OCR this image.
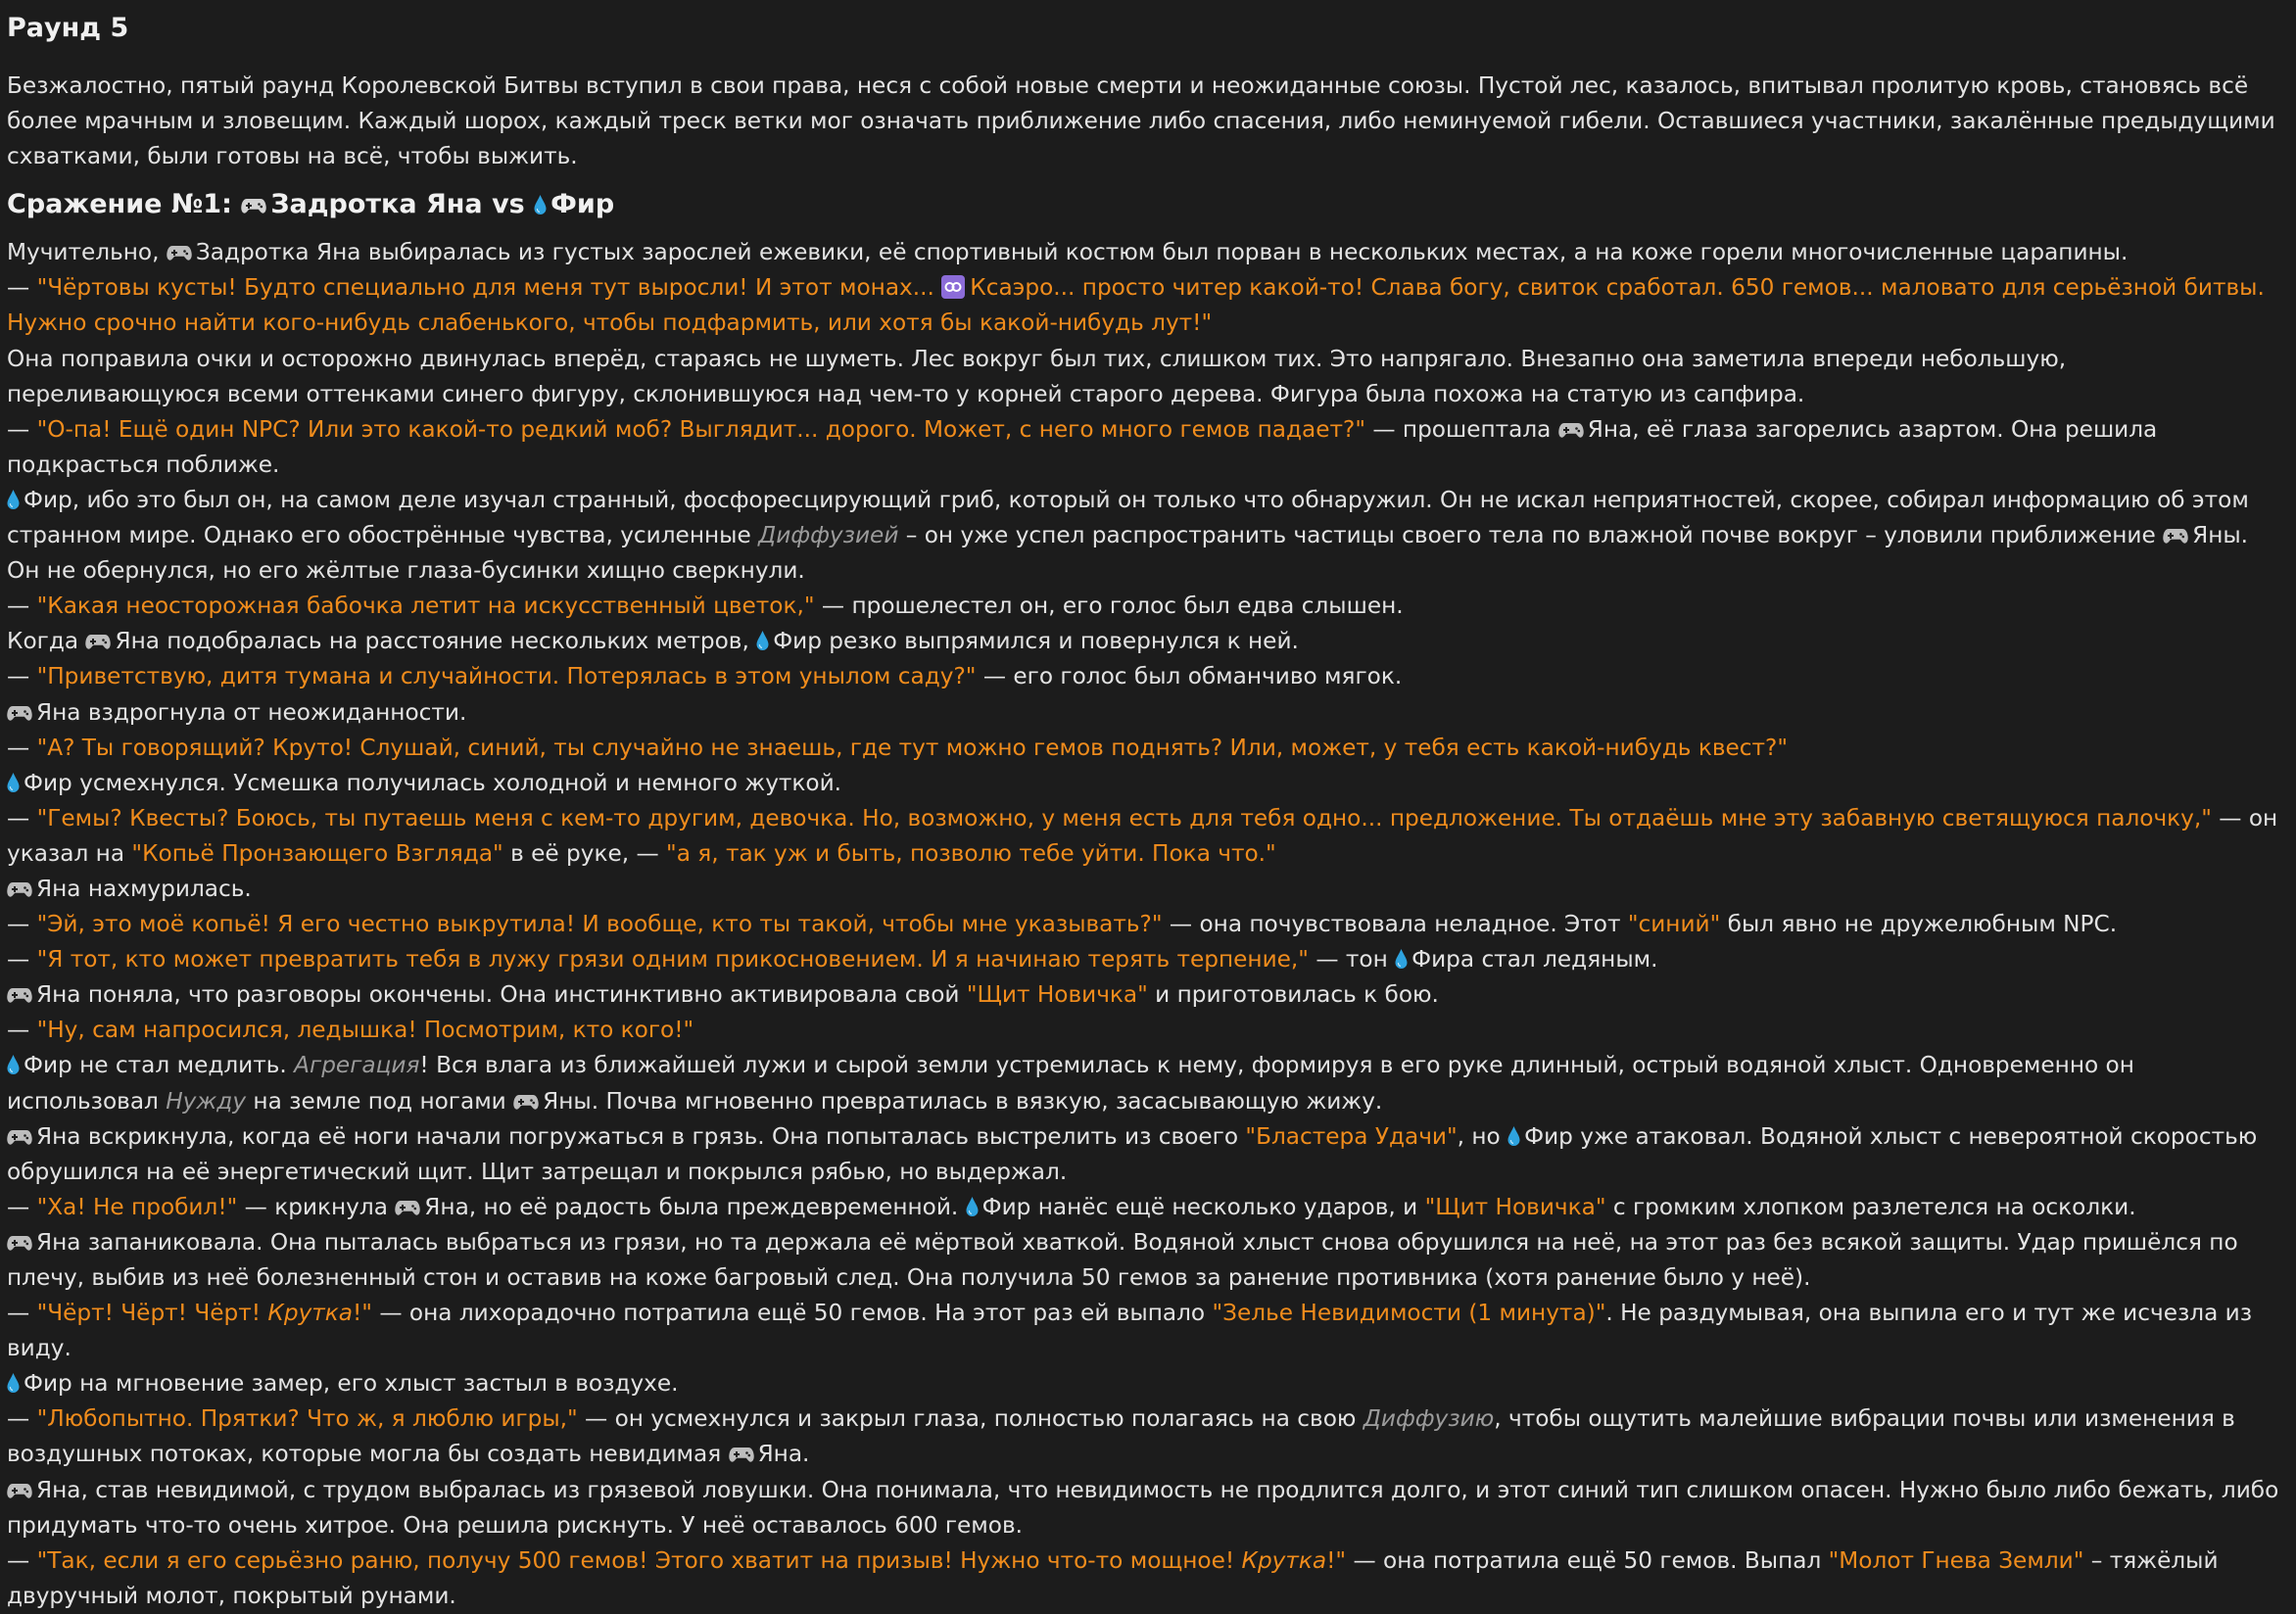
Раунд 5

Безжалостно, пятый раунд Королевской Битвы вступил в свои права, неся с собой новые смерти и неожиданные союзы. Пустой лес, казалось, впитывал пролитую кровь, становясь всё более мрачным и зловещим. Каждый шорох, каждый треск ветки мог означать приближение либо спасения, либо неминуемой гибели. Оставшиеся участники, закалённые предыдущими схватками, были готовы на всё, чтобы выжить.

Сражение №1: Задротка Яна vs Фир

Мучительно, Задротка Яна выбиралась из густых зарослей ежевики, её спортивный костюм был порван в нескольких местах, а на коже горели многочисленные царапины.

— "Чёртовы кусты! Будто специально для меня тут выросли! И этот монах... Ксаэро... просто читер какой-то! Слава богу, свиток сработал. 650 гемов... маловато для серьёзной битвы. Нужно срочно найти кого-нибудь слабенького, чтобы подфармить, или хотя бы какой-нибудь лут!"

Она поправила очки и осторожно двинулась вперёд, стараясь не шуметь. Лес вокруг был тих, слишком тих. Это напрягало. Внезапно она заметила впереди небольшую, переливающуюся всеми оттенками синего фигуру, склонившуюся над чем-то у корней старого дерева. Фигура была похожа на статую из сапфира.

— "О-па! Ещё один NPC? Или это какой-то редкий моб? Выглядит... дорого. Может, с него много гемов падает?" — прошептала Яна, её глаза загорелись азартом. Она решила подкрасться поближе.

Фир, ибо это был он, на самом деле изучал странный, фосфоресцирующий гриб, который он только что обнаружил. Он не искал неприятностей, скорее, собирал информацию об этом странном мире. Однако его обострённые чувства, усиленные Диффузией – он уже успел распространить частицы своего тела по влажной почве вокруг – уловили приближение Яны. Он не обернулся, но его жёлтые глаза-бусинки хищно сверкнули.

— "Какая неосторожная бабочка летит на искусственный цветок," — прошелестел он, его голос был едва слышен.

Когда Яна подобралась на расстояние нескольких метров, Фир резко выпрямился и повернулся к ней.

— "Приветствую, дитя тумана и случайности. Потерялась в этом унылом саду?" — его голос был обманчиво мягок.

Яна вздрогнула от неожиданности.

— "А? Ты говорящий? Круто! Слушай, синий, ты случайно не знаешь, где тут можно гемов поднять? Или, может, у тебя есть какой-нибудь квест?"

Фир усмехнулся. Усмешка получилась холодной и немного жуткой.

— "Гемы? Квесты? Боюсь, ты путаешь меня с кем-то другим, девочка. Но, возможно, у меня есть для тебя одно... предложение. Ты отдаёшь мне эту забавную светящуюся палочку," — он указал на "Копьё Пронзающего Взгляда" в её руке, — "а я, так уж и быть, позволю тебе уйти. Пока что."

Яна нахмурилась.

— "Эй, это моё копьё! Я его честно выкрутила! И вообще, кто ты такой, чтобы мне указывать?" — она почувствовала неладное. Этот "синий" был явно не дружелюбным NPC.

— "Я тот, кто может превратить тебя в лужу грязи одним прикосновением. И я начинаю терять терпение," — тон Фира стал ледяным.

Яна поняла, что разговоры окончены. Она инстинктивно активировала свой "Щит Новичка" и приготовилась к бою.

— "Ну, сам напросился, ледышка! Посмотрим, кто кого!"

Фир не стал медлить. Агрегация! Вся влага из ближайшей лужи и сырой земли устремилась к нему, формируя в его руке длинный, острый водяной хлыст. Одновременно он использовал Нужду на земле под ногами Яны. Почва мгновенно превратилась в вязкую, засасывающую жижу.

Яна вскрикнула, когда её ноги начали погружаться в грязь. Она попыталась выстрелить из своего "Бластера Удачи", но Фир уже атаковал. Водяной хлыст с невероятной скоростью обрушился на её энергетический щит. Щит затрещал и покрылся рябью, но выдержал.

— "Ха! Не пробил!" — крикнула Яна, но её радость была преждевременной. Фир нанёс ещё несколько ударов, и "Щит Новичка" с громким хлопком разлетелся на осколки.

Яна запаниковала. Она пыталась выбраться из грязи, но та держала её мёртвой хваткой. Водяной хлыст снова обрушился на неё, на этот раз без всякой защиты. Удар пришёлся по плечу, выбив из неё болезненный стон и оставив на коже багровый след. Она получила 50 гемов за ранение противника (хотя ранение было у неё).

— "Чёрт! Чёрт! Чёрт! Крутка!" — она лихорадочно потратила ещё 50 гемов. На этот раз ей выпало "Зелье Невидимости (1 минута)". Не раздумывая, она выпила его и тут же исчезла из виду.

Фир на мгновение замер, его хлыст застыл в воздухе.

— "Любопытно. Прятки? Что ж, я люблю игры," — он усмехнулся и закрыл глаза, полностью полагаясь на свою Диффузию, чтобы ощутить малейшие вибрации почвы или изменения в воздушных потоках, которые могла бы создать невидимая Яна.

Яна, став невидимой, с трудом выбралась из грязевой ловушки. Она понимала, что невидимость не продлится долго, и этот синий тип слишком опасен. Нужно было либо бежать, либо придумать что-то очень хитрое. Она решила рискнуть. У неё оставалось 600 гемов.

— "Так, если я его серьёзно раню, получу 500 гемов! Этого хватит на призыв! Нужно что-то мощное! Крутка!" — она потратила ещё 50 гемов. Выпал "Молот Гнева Земли" – тяжёлый двуручный молот, покрытый рунами.
